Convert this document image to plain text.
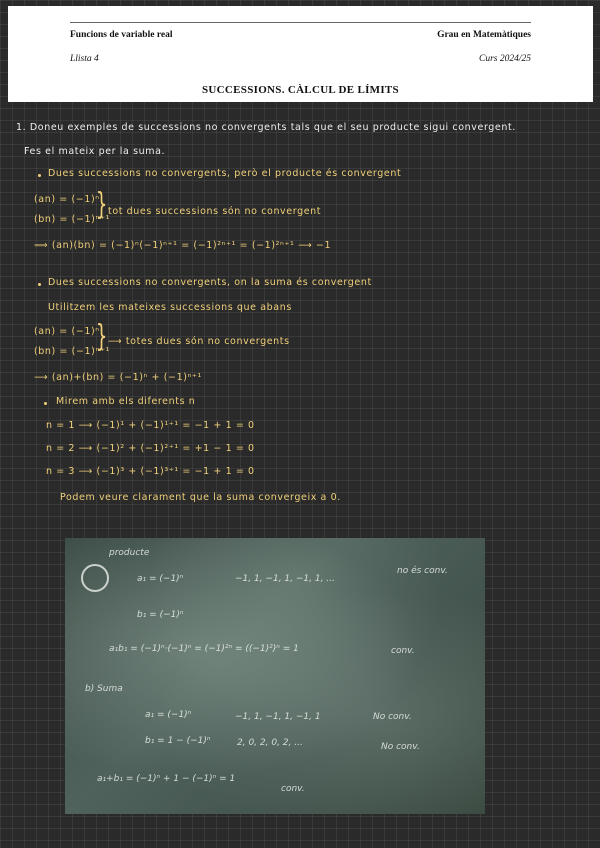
Funcions de variable real	Grau en Matemàtiques
Llista 4	Curs 2024/25
SUCCESSIONS. CÀLCUL DE LÍMITS
1. Doneu exemples de successions no convergents tals que el seu producte sigui convergent.
Fes el mateix per la suma.
Dues successions no convergents, però el producte és convergent
(an) = (−1)ⁿ
(bn) = (−1)ⁿ⁺¹
} tot dues successions són no convergent
⟹ (an)(bn) = (−1)ⁿ(−1)ⁿ⁺¹ = (−1)²ⁿ⁺¹ = (−1)²ⁿ⁺¹ ⟶ −1
Dues successions no convergents, on la suma és convergent
Utilitzem les mateixes successions que abans
(an) = (−1)ⁿ
(bn) = (−1)ⁿ⁺¹
} ⟶ totes dues són no convergents
⟶ (an)+(bn) = (−1)ⁿ + (−1)ⁿ⁺¹
Mirem amb els diferents n
n = 1 ⟶ (−1)¹ + (−1)¹⁺¹ = −1 + 1 = 0
n = 2 ⟶ (−1)² + (−1)²⁺¹ = +1 − 1 = 0
n = 3 ⟶ (−1)³ + (−1)³⁺¹ = −1 + 1 = 0
Podem veure clarament que la suma convergeix a 0.
producte
a₁ = (−1)ⁿ	−1, 1, −1, 1, −1, 1, ...
no és conv.
b₁ = (−1)ⁿ
a₁b₁ = (−1)ⁿ·(−1)ⁿ = (−1)²ⁿ = ((−1)²)ⁿ = 1	conv.
b) Suma
a₁ = (−1)ⁿ	−1, 1, −1, 1, −1, 1	No conv.
b₁ = 1 − (−1)ⁿ	2, 0, 2, 0, 2, ...	No conv.
a₁+b₁ = (−1)ⁿ + 1 − (−1)ⁿ = 1
conv.
